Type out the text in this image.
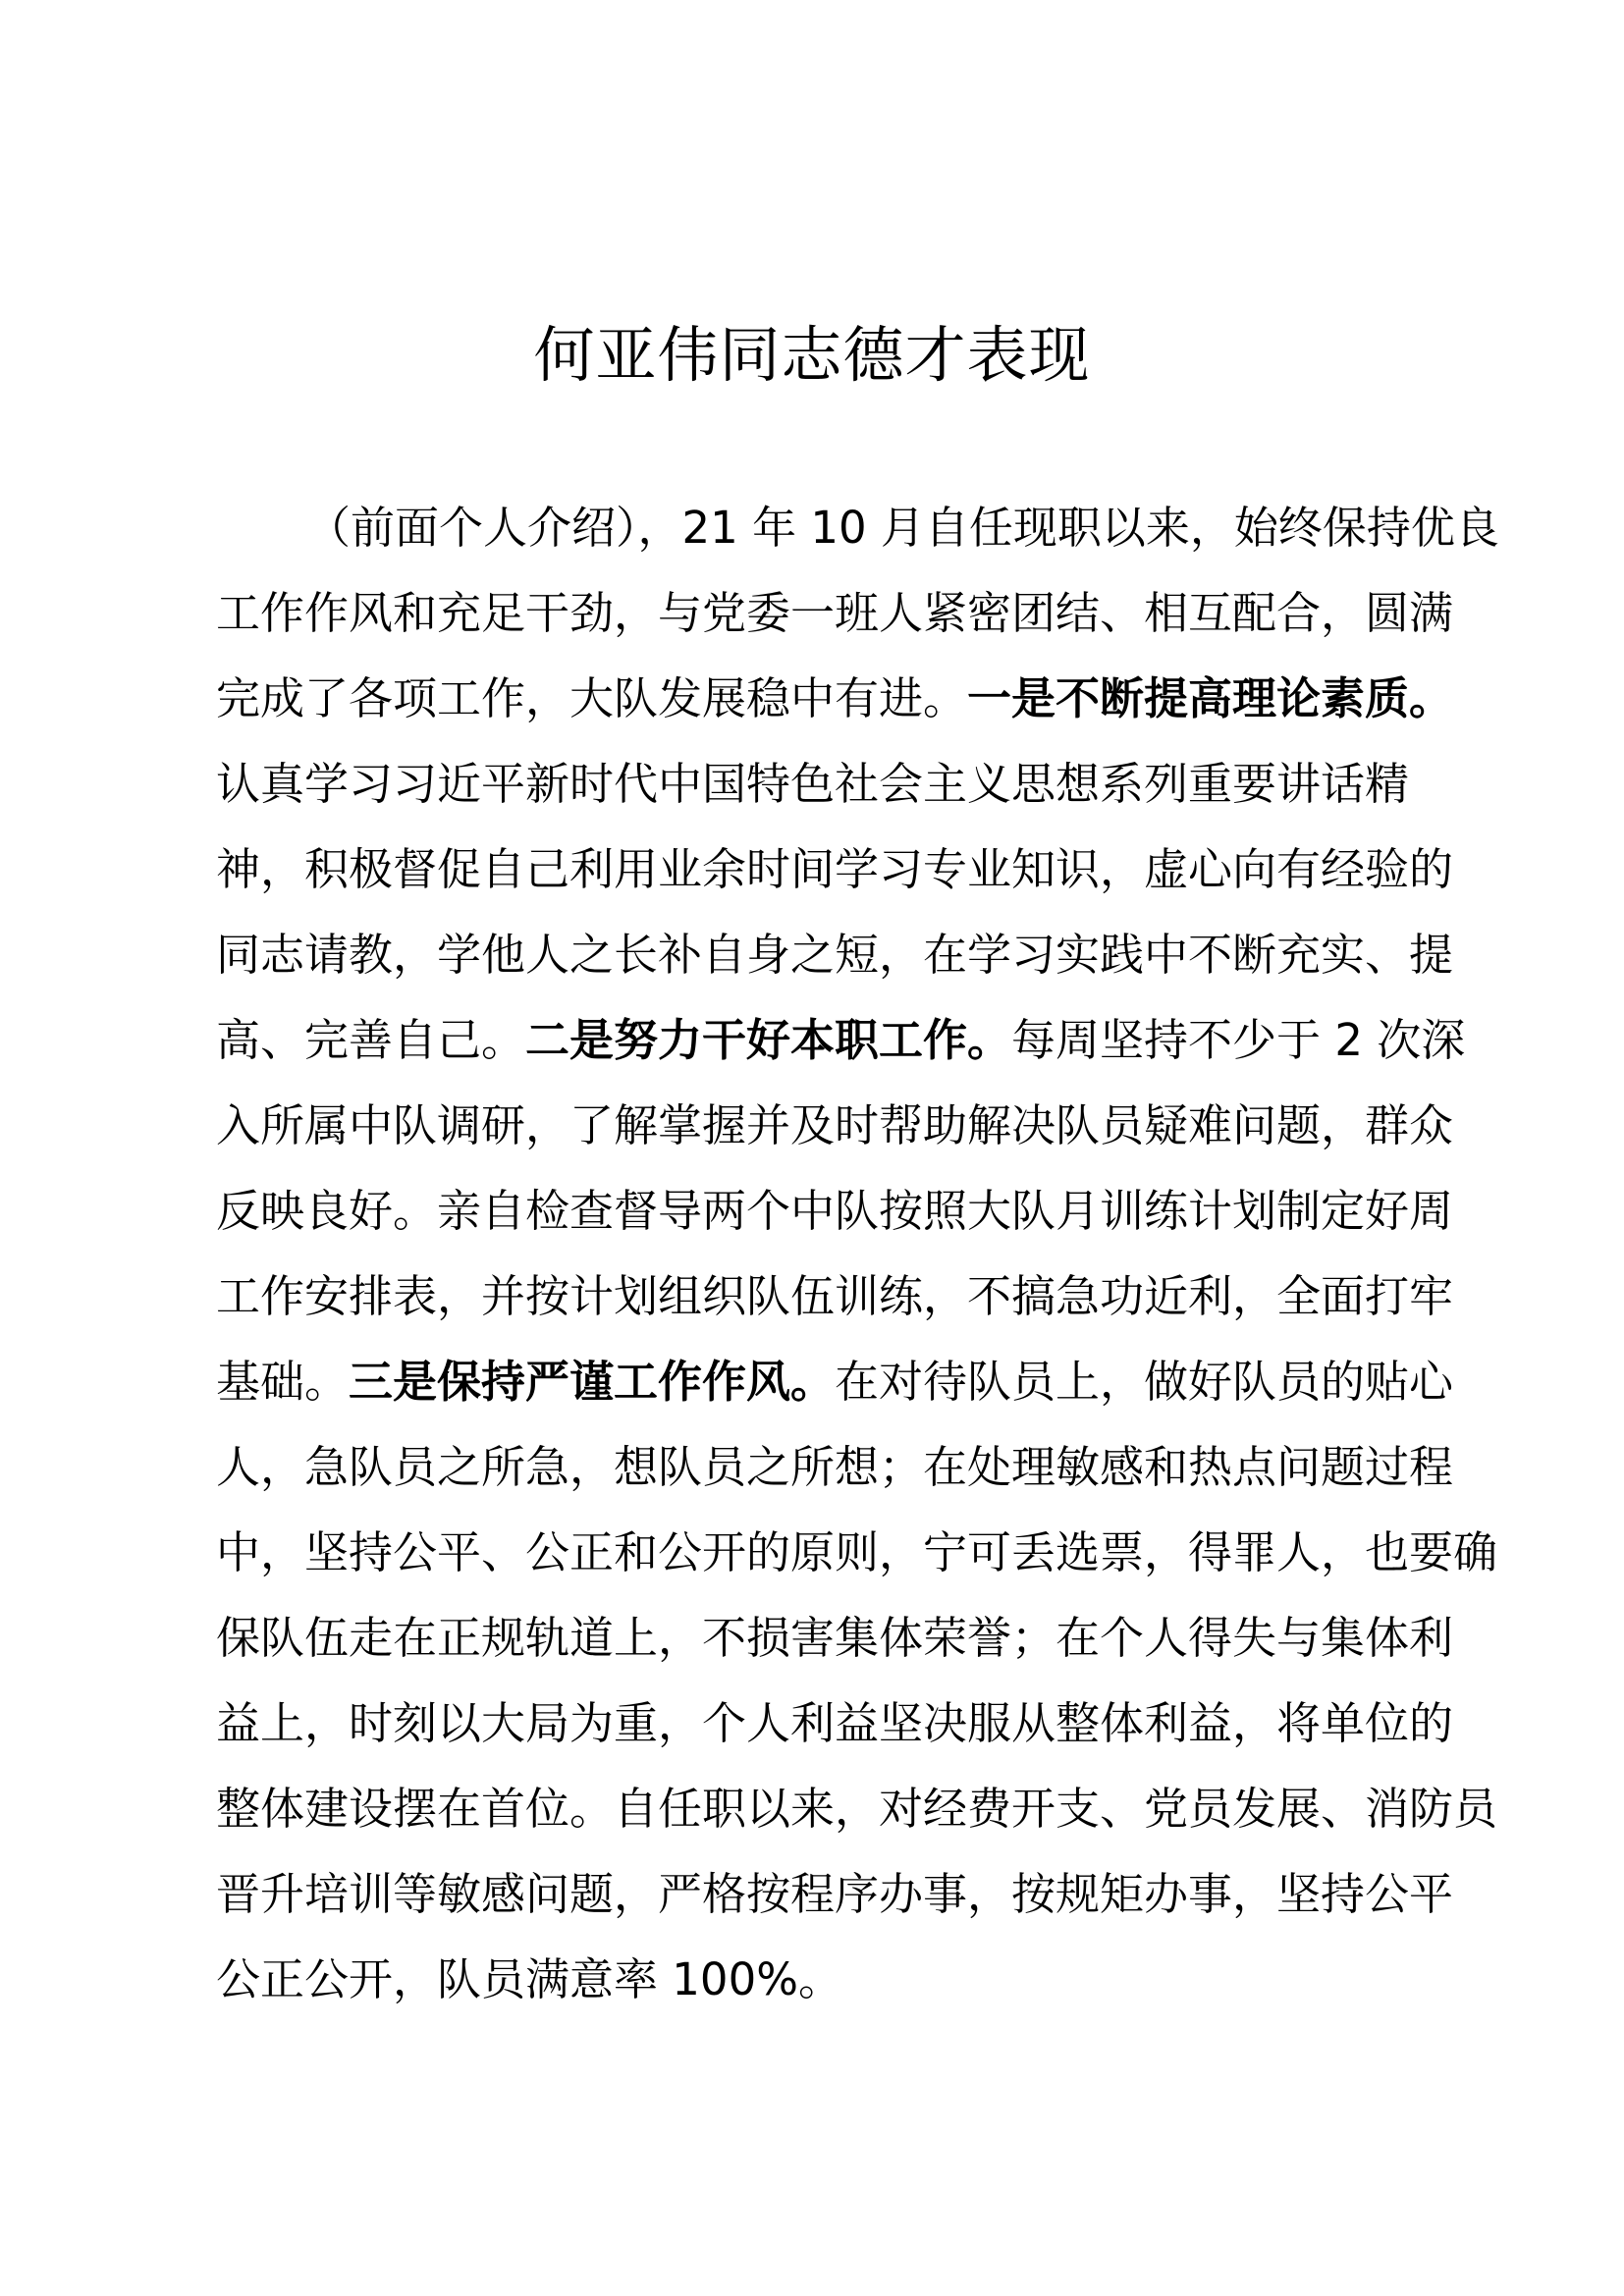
何亚伟同志德才表现
（前面个人介绍），21 年 10 月自任现职以来，始终保持优良
工作作风和充足干劲，与党委一班人紧密团结、相互配合，圆满
完成了各项工作，大队发展稳中有进。一是不断提高理论素质。
认真学习习近平新时代中国特色社会主义思想系列重要讲话精
神，积极督促自己利用业余时间学习专业知识，虚心向有经验的
同志请教，学他人之长补自身之短，在学习实践中不断充实、提
高、完善自己。二是努力干好本职工作。每周坚持不少于 2 次深
入所属中队调研，了解掌握并及时帮助解决队员疑难问题，群众
反映良好。亲自检查督导两个中队按照大队月训练计划制定好周
工作安排表，并按计划组织队伍训练，不搞急功近利，全面打牢
基础。三是保持严谨工作作风。在对待队员上，做好队员的贴心
人，急队员之所急，想队员之所想；在处理敏感和热点问题过程
中，坚持公平、公正和公开的原则，宁可丢选票，得罪人，也要确
保队伍走在正规轨道上，不损害集体荣誉；在个人得失与集体利
益上，时刻以大局为重，个人利益坚决服从整体利益，将单位的
整体建设摆在首位。自任职以来，对经费开支、党员发展、消防员
晋升培训等敏感问题，严格按程序办事，按规矩办事，坚持公平
公正公开，队员满意率 100%。
